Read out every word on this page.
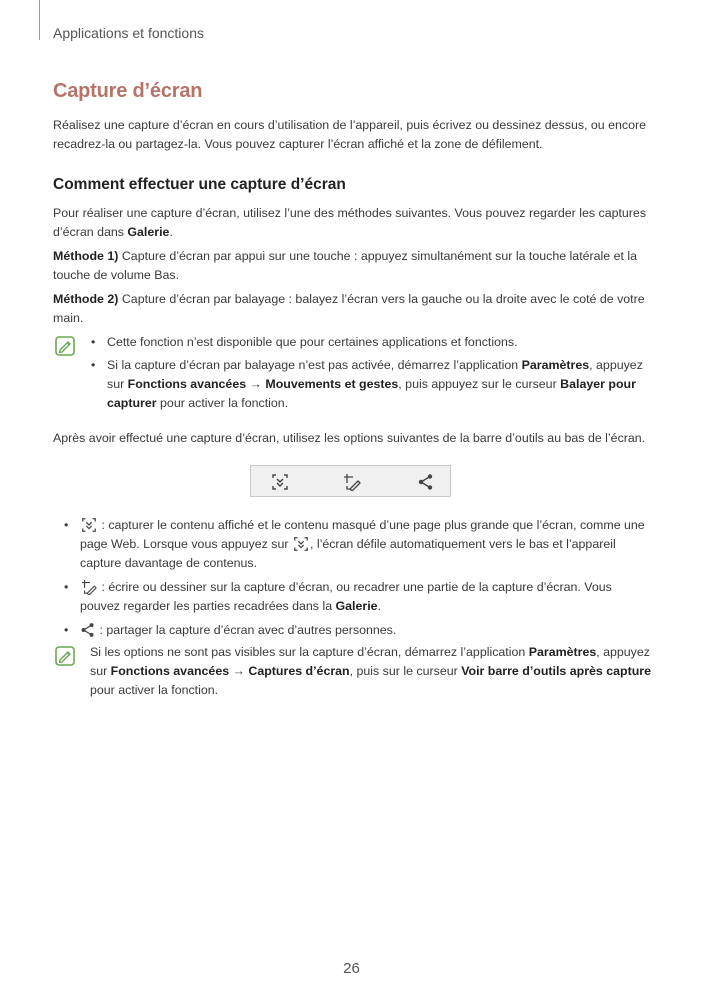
Applications et fonctions
Capture d’écran

Réalisez une capture d’écran en cours d’utilisation de l’appareil, puis écrivez ou dessinez dessus, ou encore recadrez-la ou partagez-la. Vous pouvez capturer l’écran affiché et la zone de défilement.

Comment effectuer une capture d’écran

Pour réaliser une capture d’écran, utilisez l’une des méthodes suivantes. Vous pouvez regarder les captures d’écran dans Galerie.

Méthode 1) Capture d’écran par appui sur une touche : appuyez simultanément sur la touche latérale et la touche de volume Bas.

Méthode 2) Capture d’écran par balayage : balayez l’écran vers la gauche ou la droite avec le coté de votre main.

• Cette fonction n’est disponible que pour certaines applications et fonctions.
• Si la capture d’écran par balayage n’est pas activée, démarrez l’application Paramètres, appuyez sur Fonctions avancées → Mouvements et gestes, puis appuyez sur le curseur Balayer pour capturer pour activer la fonction.
Après avoir effectué une capture d’écran, utilisez les options suivantes de la barre d’outils au bas de l’écran.
• : capturer le contenu affiché et le contenu masqué d’une page plus grande que l’écran, comme une page Web. Lorsque vous appuyez sur , l’écran défile automatiquement vers le bas et l’appareil capture davantage de contenus.
• : écrire ou dessiner sur la capture d’écran, ou recadrer une partie de la capture d’écran. Vous pouvez regarder les parties recadrées dans la Galerie.
• : partager la capture d’écran avec d’autres personnes.

Si les options ne sont pas visibles sur la capture d’écran, démarrez l’application Paramètres, appuyez sur Fonctions avancées → Captures d’écran, puis sur le curseur Voir barre d’outils après capture pour activer la fonction.

26
